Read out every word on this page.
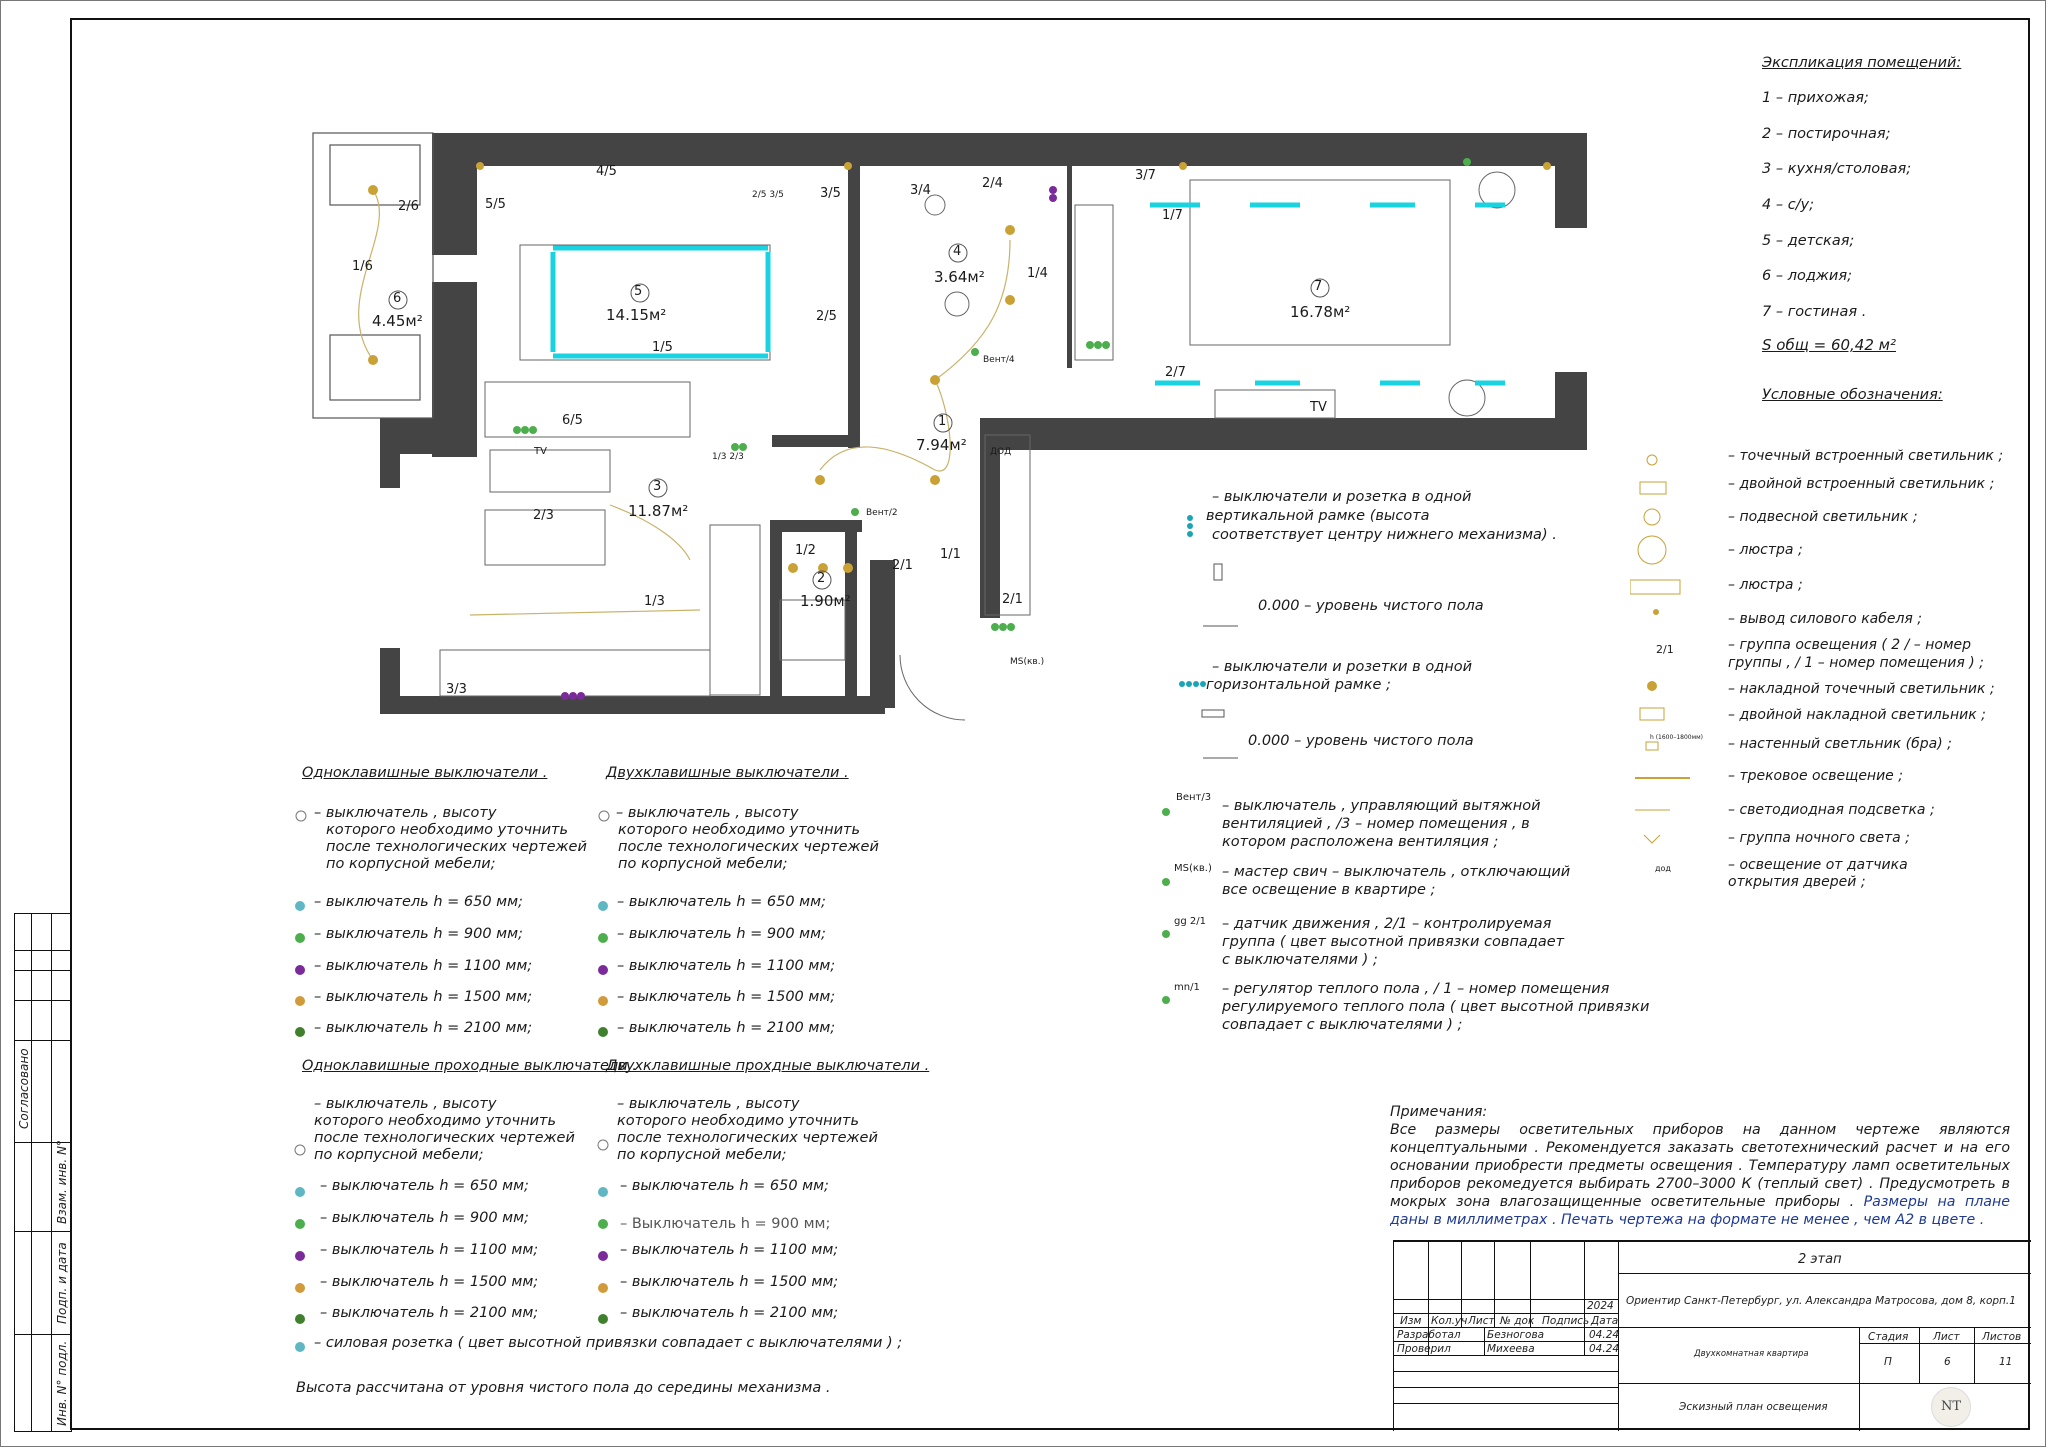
Согласовано
Взам. инв. N°
Подп. и дата
Инв. N° подл.
5
14.15м²
7
16.78м²
6
4.45м²
4
3.64м²
1
7.94м²
3
11.87м²
2
1.90м²
4/5
5/5
3/5
2/5
1/5
6/5
2/6
1/6
3/4	2/4
1/4
3/7
1/7
2/7
2/3
1/3
3/3
1/2
2/1
1/1
ДОД
TV
TV
MS(кв.)
Вент/4
Вент/2
2/5 3/5
1/3 2/3
2/1
Экспликация помещений:
1 – прихожая;
2 – постирочная;
3 – кухня/столовая;
4 – с/у;
5 – детская;
6 – лоджия;
7 – гостиная .
S общ = 60,42 м²
Условные обозначения:
– точечный встроенный светильник ;
– двойной встроенный светильник ;
– подвесной светильник ;
– люстра ;
– люстра ;
– вывод силового кабеля ;
2/1	– группа освещения ( 2 / – номер
группы , / 1 – номер помещения ) ;
– накладной точечный светильник ;
– двойной накладной светильник ;
h (1600–1800мм) – настенный светльник (бра) ;
– трековое освещение ;
– светодиодная подсветка ;
– группа ночного света ;
дод	– освещение от датчика
открытия дверей ;
– выключатели и розетка в одной
вертикальной рамке (высота
соответствует центру нижнего механизма) .
0.000 – уровень чистого пола
– выключатели и розетки в одной
горизонтальной рамке ;
0.000 – уровень чистого пола
Вент/3
– выключатель , управляющий вытяжной
вентиляцией , /3 – номер помещения , в
котором расположена вентиляция ;
MS(кв.) – мастер свич – выключатель , отключающий
все освещение в квартире ;
gg 2/1 – датчик движения , 2/1 – контролируемая
группа ( цвет высотной привязки совпадает
с выключателями ) ;
mn/1 – регулятор теплого пола , / 1 – номер помещения
регулируемого теплого пола ( цвет высотной привязки
совпадает с выключателями ) ;
Одноклавишные выключатели .	Двухклавишные выключатели .
– выключатель , высоту
которого необходимо уточнить
после технологических чертежей
по корпусной мебели;
– выключатель , высоту
которого необходимо уточнить
после технологических чертежей
по корпусной мебели;
– выключатель h = 650 мм;
– выключатель h = 900 мм;
– выключатель h = 1100 мм;
– выключатель h = 1500 мм;
– выключатель h = 2100 мм;
– выключатель h = 650 мм;
– выключатель h = 900 мм;
– выключатель h = 1100 мм;
– выключатель h = 1500 мм;
– выключатель h = 2100 мм;
Одноклавишные проходные выключатели .
Двухклавишные прохдные выключатели .
– выключатель , высоту
которого необходимо уточнить
после технологических чертежей
по корпусной мебели;
– выключатель , высоту
которого необходимо уточнить
после технологических чертежей
по корпусной мебели;
– выключатель h = 650 мм;
– выключатель h = 900 мм;
– выключатель h = 1100 мм;
– выключатель h = 1500 мм;
– выключатель h = 2100 мм;
– выключатель h = 650 мм;
– Выключатель h = 900 мм;
– выключатель h = 1100 мм;
– выключатель h = 1500 мм;
– выключатель h = 2100 мм;
– силовая розетка ( цвет высотной привязки совпадает с выключателями ) ;
Высота рассчитана от уровня чистого пола до середины механизма .
Примечания:
Все размеры осветительных приборов на данном чертеже являются концептуальными . Рекомендуется заказать светотехнический расчет и на его основании приобрести предметы освещения . Температуру ламп осветительных приборов рекомедуется выбирать 2700–3000 К (теплый свет) . Предусмотреть в мокрых зона влагозащищенные осветительные приборы . Размеры на плане даны в миллиметрах . Печать чертежа на формате не менее , чем А2 в цвете .
2 этап
Ориентир Санкт-Петербург, ул. Александра Матросова, дом 8, корп.1
2024
Изм Кол.уч Лист № док Подпись Дата
Разработал	Безногова	04.24
Проверил	Михеева	04.24	Двухкомнатная квартира
Эскизный план освещения
Стадия Лист Листов
П	6	11
NT
